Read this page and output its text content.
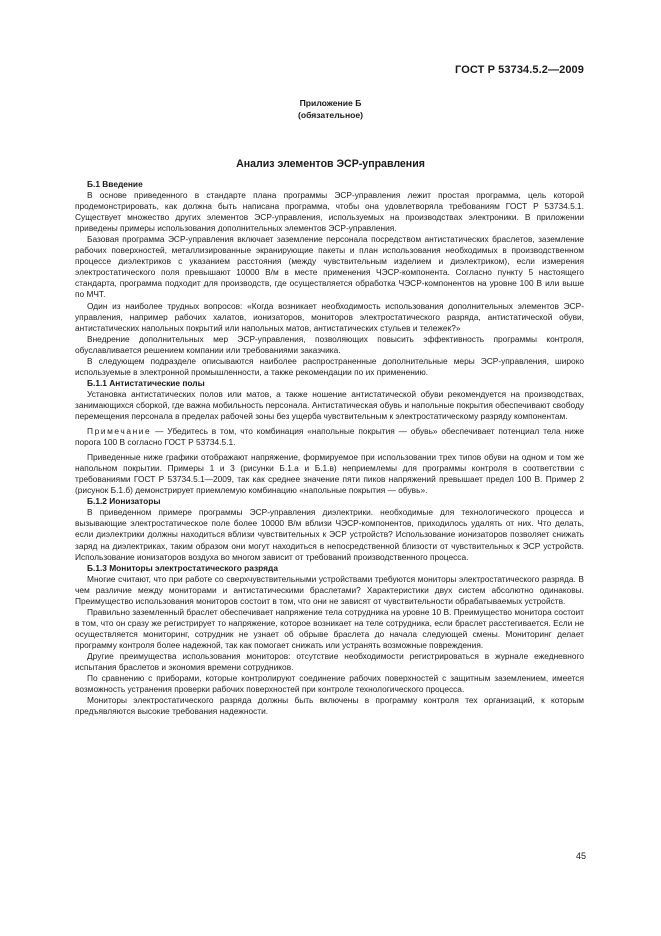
ГОСТ Р 53734.5.2—2009
Приложение Б
(обязательное)
Анализ элементов ЭСР-управления

Б.1 Введение

В основе приведенного в стандарте плана программы ЭСР-управления лежит простая программа, цель которой продемонстрировать, как должна быть написана программа, чтобы она удовлетворяла требованиям ГОСТ Р 53734.5.1. Существует множество других элементов ЭСР-управления, используемых на производствах электроники. В приложении приведены примеры использования дополнительных элементов ЭСР-управления.

Базовая программа ЭСР-управления включает заземление персонала посредством антистатических браслетов, заземление рабочих поверхностей, металлизированные экранирующие пакеты и план использования необходимых в производственном процессе диэлектриков с указанием расстояния (между чувствительным изделием и диэлектриком), если измерения электростатического поля превышают 10000 В/м в месте применения ЧЭСР-компонента. Согласно пункту 5 настоящего стандарта, программа подходит для производств, где осуществляется обработка ЧЭСР-компонентов на уровне 100 В или выше по МЧТ.

Один из наиболее трудных вопросов: «Когда возникает необходимость использования дополнительных элементов ЭСР-управления, например рабочих халатов, ионизаторов, мониторов электростатического разряда, антистатической обуви, антистатических напольных покрытий или напольных матов, антистатических стульев и тележек?»

Внедрение дополнительных мер ЭСР-управления, позволяющих повысить эффективность программы контроля, обуславливается решением компании или требованиями заказчика.

В следующем подразделе описываются наиболее распространенные дополнительные меры ЭСР-управления, широко используемые в электронной промышленности, а также рекомендации по их применению.

Б.1.1 Антистатические полы

Установка антистатических полов или матов, а также ношение антистатической обуви рекомендуется на производствах, занимающихся сборкой, где важна мобильность персонала. Антистатическая обувь и напольные покрытия обеспечивают свободу перемещения персонала в пределах рабочей зоны без ущерба чувствительным к электростатическому разряду компонентам.

Примечание — Убедитесь в том, что комбинация «напольные покрытия — обувь» обеспечивает потенциал тела ниже порога 100 В согласно ГОСТ Р 53734.5.1.

Приведенные ниже графики отображают напряжение, формируемое при использовании трех типов обуви на одном и том же напольном покрытии. Примеры 1 и 3 (рисунки Б.1.а и Б.1.в) неприемлемы для программы контроля в соответствии с требованиями ГОСТ Р 53734.5.1—2009, так как среднее значение пяти пиков напряжений превышает предел 100 В. Пример 2 (рисунок Б.1.б) демонстрирует приемлемую комбинацию «напольные покрытия — обувь».

Б.1.2 Ионизаторы

В приведенном примере программы ЭСР-управления диэлектрики. необходимые для технологического процесса и вызывающие электростатическое поле более 10000 В/м вблизи ЧЭСР-компонентов, приходилось удалять от них. Что делать, если диэлектрики должны находиться вблизи чувствительных к ЭСР устройств? Использование ионизаторов позволяет снижать заряд на диэлектриках, таким образом они могут находиться в непосредственной близости от чувствительных к ЭСР устройств. Использование ионизаторов воздуха во многом зависит от требований производственного процесса.

Б.1.3 Мониторы электростатического разряда

Многие считают, что при работе со сверхчувствительными устройствами требуются мониторы электростатического разряда. В чем различие между мониторами и антистатическими браслетами? Характеристики двух систем абсолютно одинаковы. Преимущество использования мониторов состоит в том, что они не зависят от чувствительности обрабатываемых устройств.

Правильно заземленный браслет обеспечивает напряжение тела сотрудника на уровне 10 В. Преимущество монитора состоит в том, что он сразу же регистрирует то напряжение, которое возникает на теле сотрудника, если браслет расстегивается. Если не осуществляется мониторинг, сотрудник не узнает об обрыве браслета до начала следующей смены. Мониторинг делает программу контроля более надежной, так как помогает снижать или устранять возможные повреждения.

Другие преимущества использования мониторов: отсутствие необходимости регистрироваться в журнале ежедневного испытания браслетов и экономия времени сотрудников.

По сравнению с приборами, которые контролируют соединение рабочих поверхностей с защитным заземлением, имеется возможность устранения проверки рабочих поверхностей при контроле технологического процесса.

Мониторы электростатического разряда должны быть включены в программу контроля тех организаций, к которым предъявляются высокие требования надежности.

45
